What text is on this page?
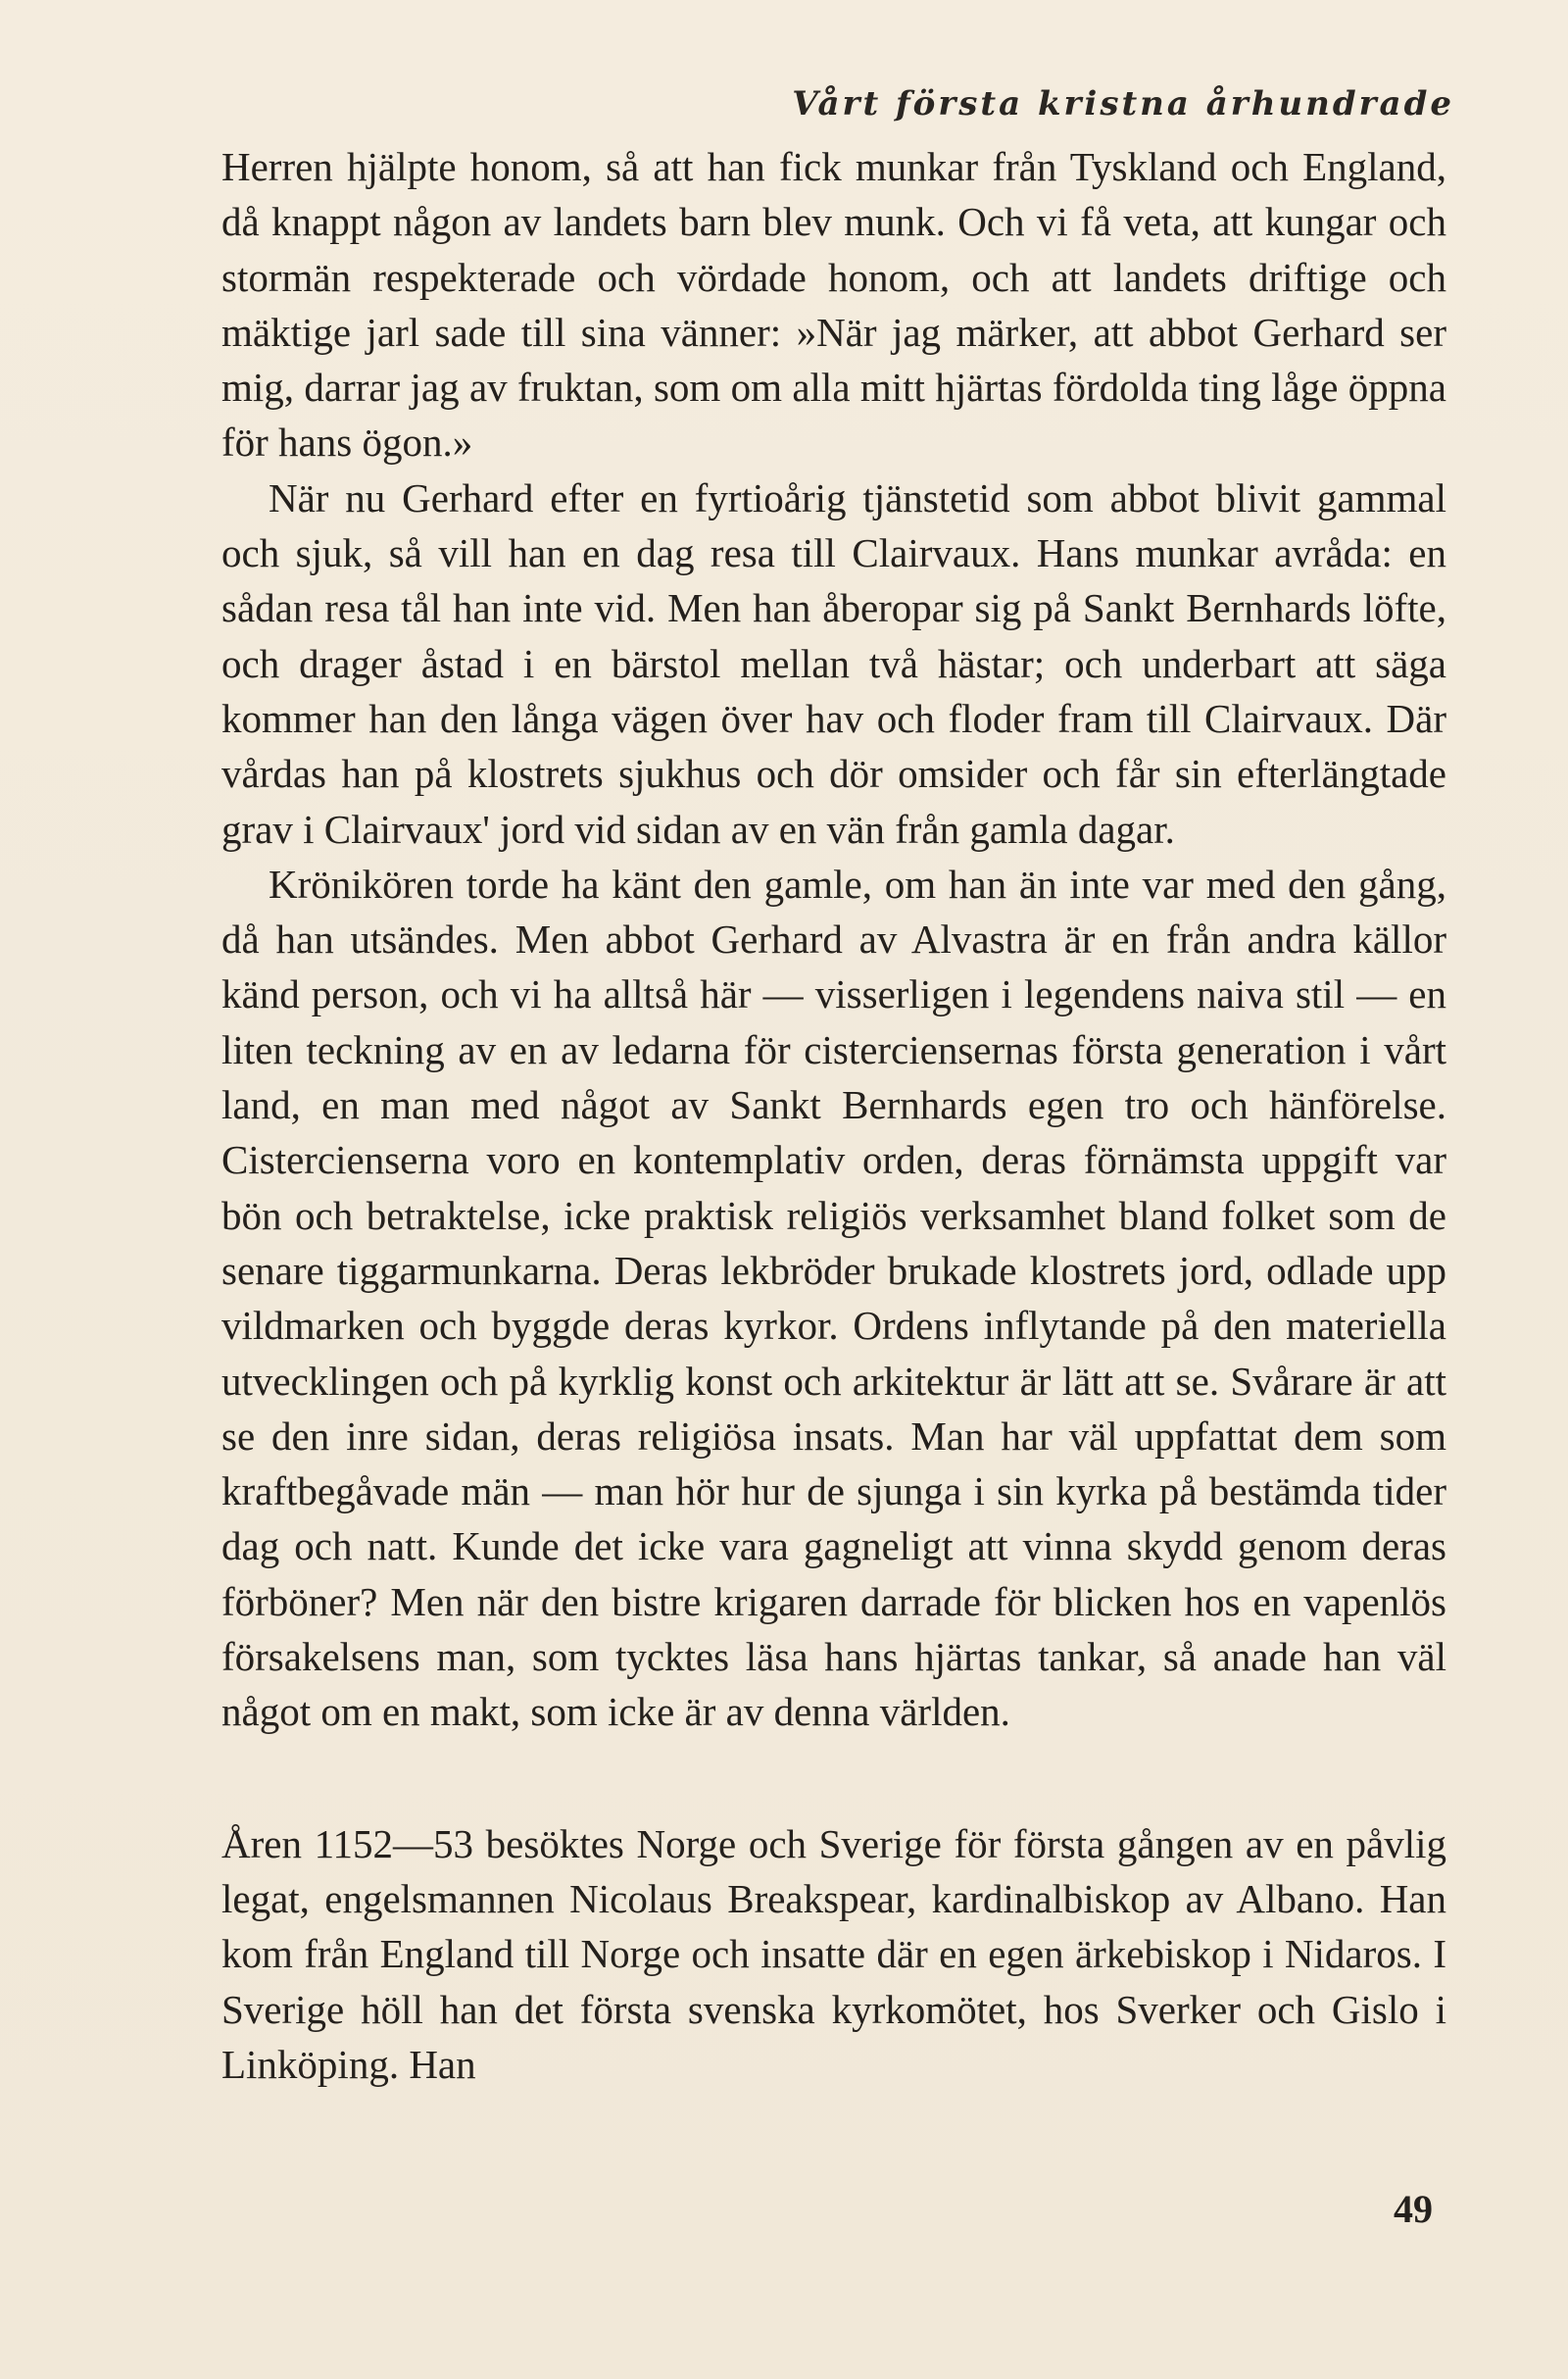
Vårt första kristna århundrade

Herren hjälpte honom, så att han fick munkar från Tyskland och England, då knappt någon av landets barn blev munk. Och vi få veta, att kungar och stormän respekterade och vördade honom, och att landets driftige och mäktige jarl sade till sina vänner: »När jag märker, att abbot Gerhard ser mig, darrar jag av fruktan, som om alla mitt hjärtas fördolda ting låge öppna för hans ögon.»

När nu Gerhard efter en fyrtioårig tjänstetid som abbot blivit gammal och sjuk, så vill han en dag resa till Clairvaux. Hans munkar avråda: en sådan resa tål han inte vid. Men han åberopar sig på Sankt Bernhards löfte, och drager åstad i en bärstol mellan två hästar; och underbart att säga kommer han den långa vägen över hav och floder fram till Clairvaux. Där vårdas han på klostrets sjukhus och dör omsider och får sin efterlängtade grav i Clairvaux' jord vid sidan av en vän från gamla dagar.

Krönikören torde ha känt den gamle, om han än inte var med den gång, då han utsändes. Men abbot Gerhard av Alvastra är en från andra källor känd person, och vi ha alltså här — visserligen i legendens naiva stil — en liten teckning av en av ledarna för cisterciensernas första generation i vårt land, en man med något av Sankt Bernhards egen tro och hänförelse. Cistercienserna voro en kontemplativ orden, deras förnämsta uppgift var bön och betraktelse, icke praktisk religiös verksamhet bland folket som de senare tiggarmunkarna. Deras lekbröder brukade klostrets jord, odlade upp vildmarken och byggde deras kyrkor. Ordens inflytande på den materiella utvecklingen och på kyrklig konst och arkitektur är lätt att se. Svårare är att se den inre sidan, deras religiösa insats. Man har väl uppfattat dem som kraftbegåvade män — man hör hur de sjunga i sin kyrka på bestämda tider dag och natt. Kunde det icke vara gagneligt att vinna skydd genom deras förböner? Men när den bistre krigaren darrade för blicken hos en vapenlös försakelsens man, som tycktes läsa hans hjärtas tankar, så anade han väl något om en makt, som icke är av denna världen.

Åren 1152—53 besöktes Norge och Sverige för första gången av en påvlig legat, engelsmannen Nicolaus Breakspear, kardinalbiskop av Albano. Han kom från England till Norge och insatte där en egen ärkebiskop i Nidaros. I Sverige höll han det första svenska kyrkomötet, hos Sverker och Gislo i Linköping. Han

49
